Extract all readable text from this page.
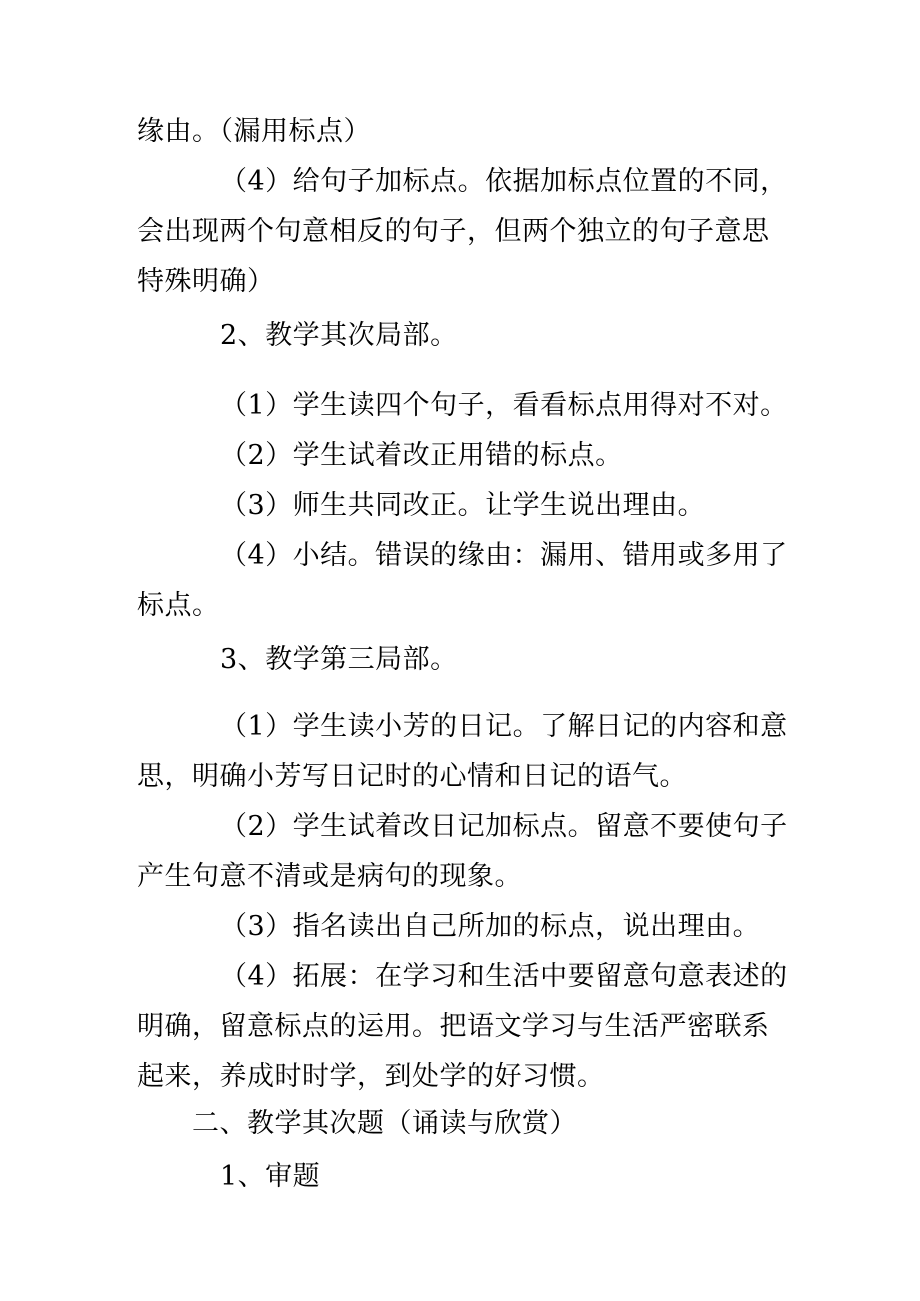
缘由。（漏用标点）
（4）给句子加标点。依据加标点位置的不同，
会出现两个句意相反的句子，但两个独立的句子意思
特殊明确）
2、教学其次局部。
（1）学生读四个句子，看看标点用得对不对。
（2）学生试着改正用错的标点。
（3）师生共同改正。让学生说出理由。
（4）小结。错误的缘由：漏用、错用或多用了
标点。
3、教学第三局部。
（1）学生读小芳的日记。了解日记的内容和意
思，明确小芳写日记时的心情和日记的语气。
（2）学生试着改日记加标点。留意不要使句子
产生句意不清或是病句的现象。
（3）指名读出自己所加的标点，说出理由。
（4）拓展：在学习和生活中要留意句意表述的
明确，留意标点的运用。把语文学习与生活严密联系
起来，养成时时学，到处学的好习惯。
二、教学其次题（诵读与欣赏）
1、审题
